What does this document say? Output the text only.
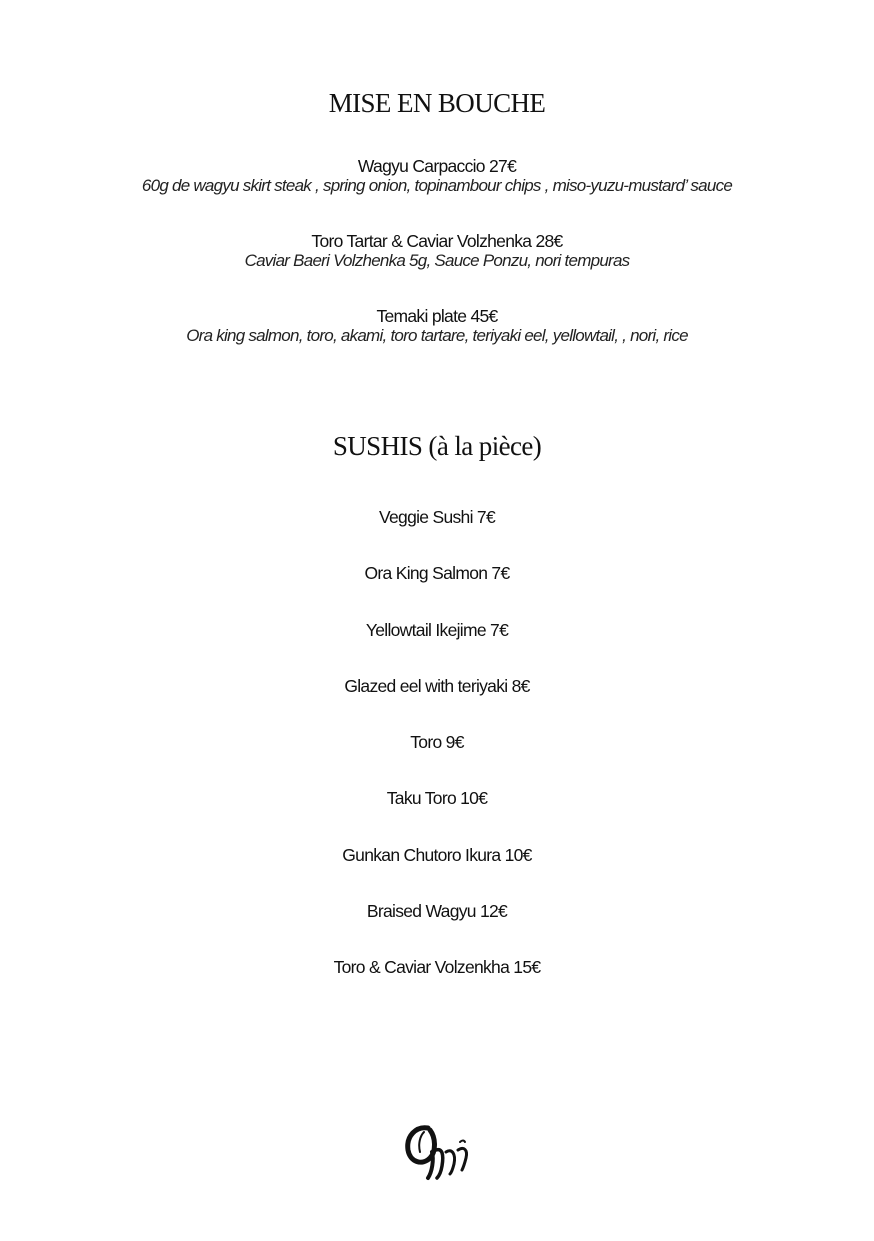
MISE EN BOUCHE
Wagyu Carpaccio 27€
60g de wagyu skirt steak , spring onion, topinambour chips , miso-yuzu-mustard’ sauce
Toro Tartar & Caviar Volzhenka 28€
Caviar Baeri Volzhenka 5g, Sauce Ponzu, nori tempuras
Temaki plate 45€
Ora king salmon, toro, akami, toro tartare, teriyaki eel, yellowtail, , nori, rice
SUSHIS (à la pièce)
Veggie Sushi 7€
Ora King Salmon 7€
Yellowtail Ikejime 7€
Glazed eel with teriyaki 8€
Toro 9€
Taku Toro 10€
Gunkan Chutoro Ikura 10€
Braised Wagyu 12€
Toro & Caviar Volzenkha 15€
